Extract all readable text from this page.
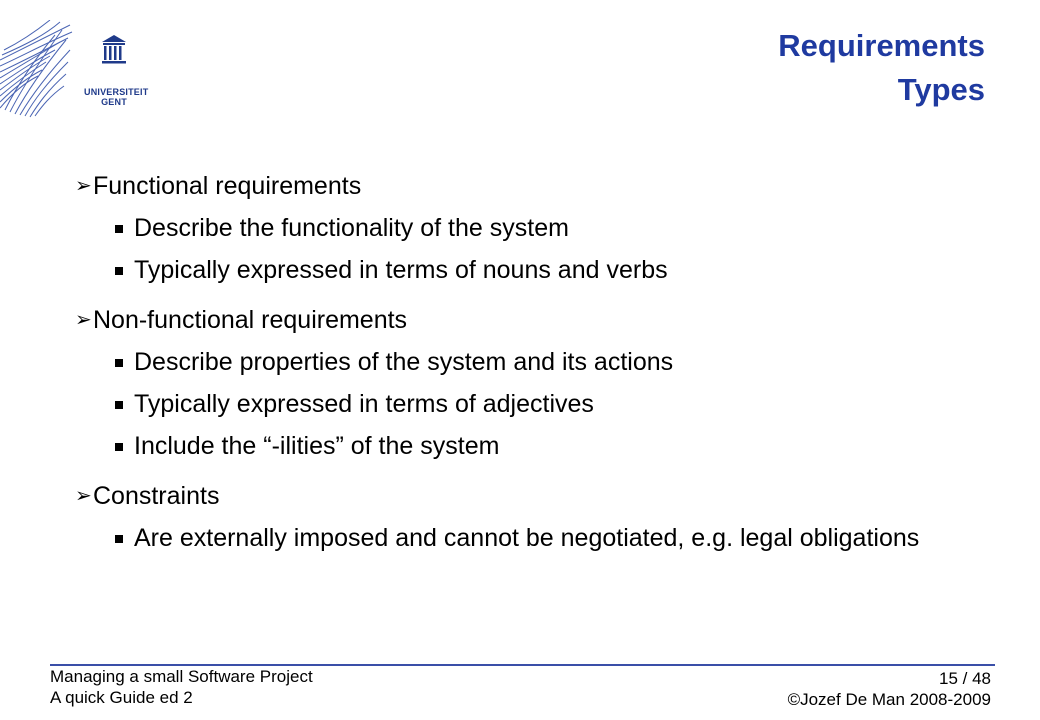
UNIVERSITEIT
GENT
Requirements
Types
➢ Functional requirements
Describe the functionality of the system
Typically expressed in terms of nouns and verbs
➢ Non-functional requirements
Describe properties of the system and its actions
Typically expressed in terms of adjectives
Include the “-ilities” of the system
➢ Constraints
Are externally imposed and cannot be negotiated, e.g. legal obligations
Managing a small Software Project
A quick Guide ed 2
15 / 48
©Jozef De Man 2008-2009
